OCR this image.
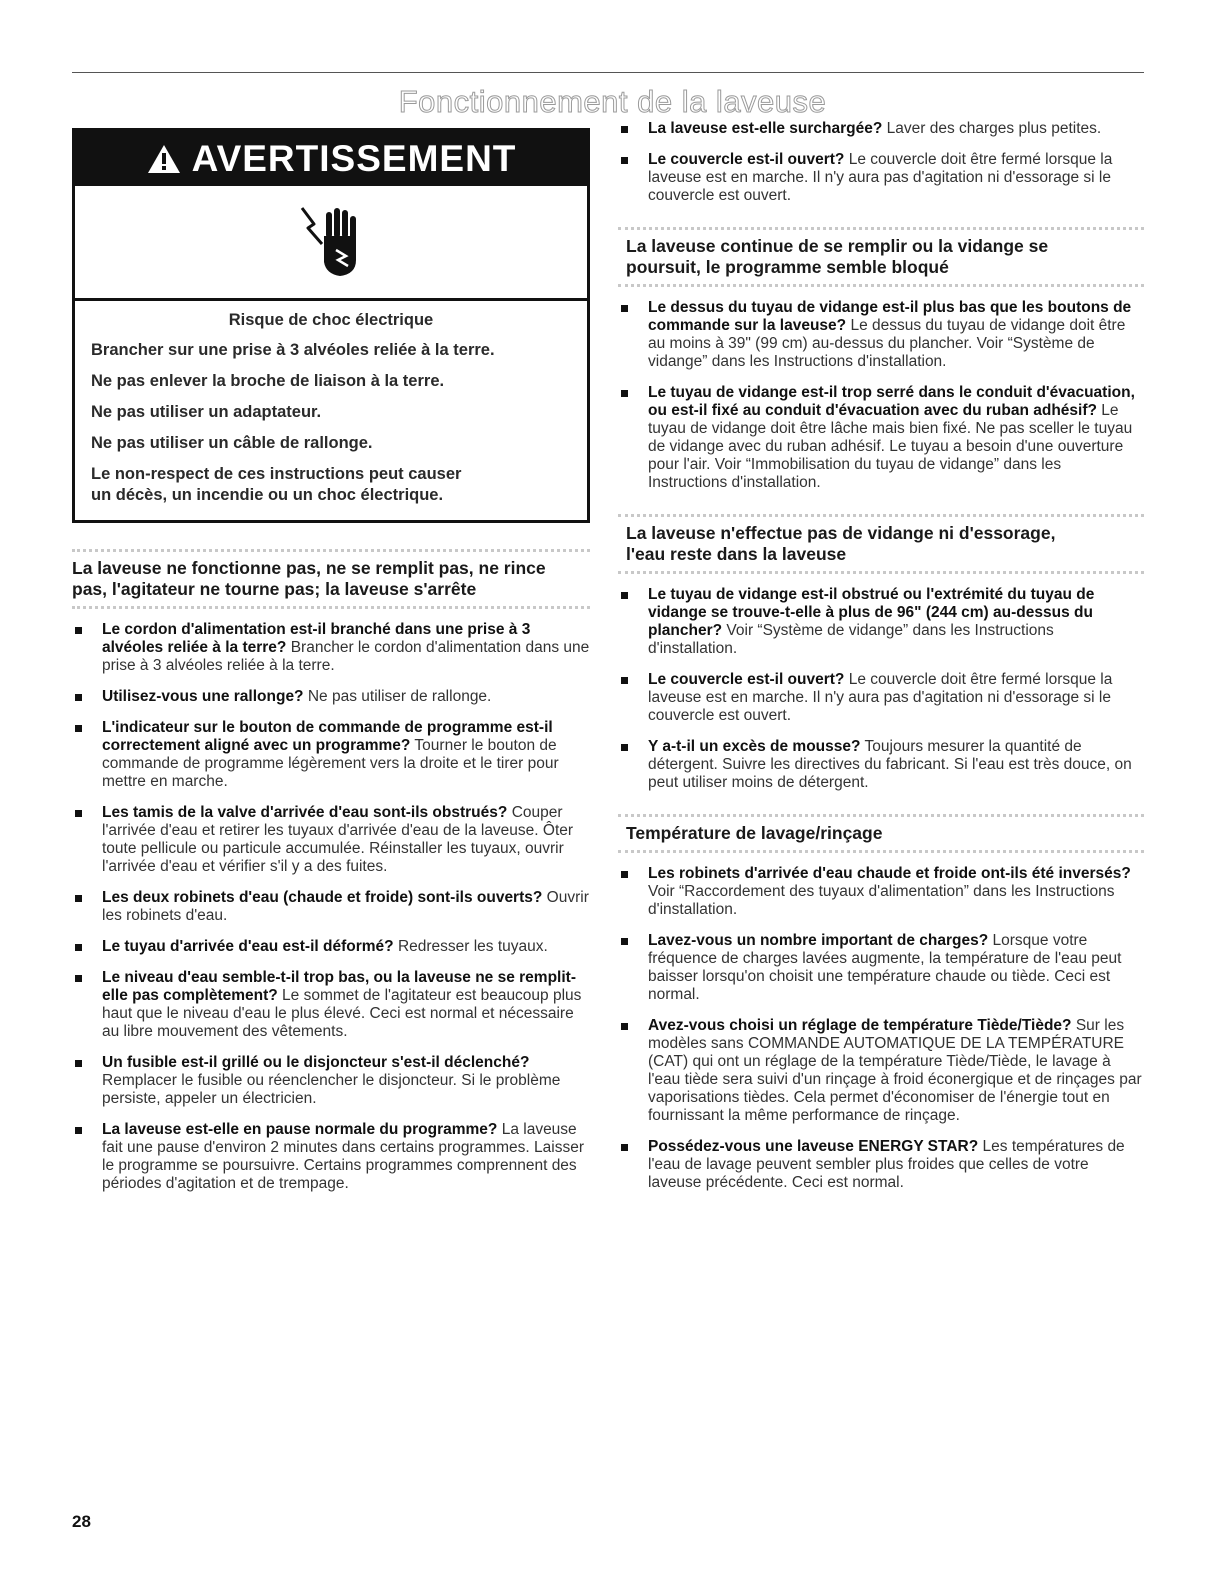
Fonctionnement de la laveuse
AVERTISSEMENT
Risque de choc électrique

Brancher sur une prise à 3 alvéoles reliée à la terre.

Ne pas enlever la broche de liaison à la terre.

Ne pas utiliser un adaptateur.

Ne pas utiliser un câble de rallonge.

Le non-respect de ces instructions peut causer
un décès, un incendie ou un choc électrique.

La laveuse ne fonctionne pas, ne se remplit pas, ne rince
pas, l'agitateur ne tourne pas; la laveuse s'arrête
Le cordon d'alimentation est-il branché dans une prise à 3 alvéoles reliée à la terre? Brancher le cordon d'alimentation dans une prise à 3 alvéoles reliée à la terre.
Utilisez-vous une rallonge? Ne pas utiliser de rallonge.
L'indicateur sur le bouton de commande de programme est-il correctement aligné avec un programme? Tourner le bouton de commande de programme légèrement vers la droite et le tirer pour mettre en marche.
Les tamis de la valve d'arrivée d'eau sont-ils obstrués? Couper l'arrivée d'eau et retirer les tuyaux d'arrivée d'eau de la laveuse. Ôter toute pellicule ou particule accumulée. Réinstaller les tuyaux, ouvrir l'arrivée d'eau et vérifier s'il y a des fuites.
Les deux robinets d'eau (chaude et froide) sont-ils ouverts? Ouvrir les robinets d'eau.
Le tuyau d'arrivée d'eau est-il déformé? Redresser les tuyaux.
Le niveau d'eau semble-t-il trop bas, ou la laveuse ne se remplit-elle pas complètement? Le sommet de l'agitateur est beaucoup plus haut que le niveau d'eau le plus élevé. Ceci est normal et nécessaire au libre mouvement des vêtements.
Un fusible est-il grillé ou le disjoncteur s'est-il déclenché? Remplacer le fusible ou réenclencher le disjoncteur. Si le problème persiste, appeler un électricien.
La laveuse est-elle en pause normale du programme? La laveuse fait une pause d'environ 2 minutes dans certains programmes. Laisser le programme se poursuivre. Certains programmes comprennent des périodes d'agitation et de trempage.
La laveuse est-elle surchargée? Laver des charges plus petites.
Le couvercle est-il ouvert? Le couvercle doit être fermé lorsque la laveuse est en marche. Il n'y aura pas d'agitation ni d'essorage si le couvercle est ouvert.
La laveuse continue de se remplir ou la vidange se
poursuit, le programme semble bloqué
Le dessus du tuyau de vidange est-il plus bas que les boutons de commande sur la laveuse? Le dessus du tuyau de vidange doit être au moins à 39" (99 cm) au-dessus du plancher. Voir “Système de vidange” dans les Instructions d'installation.
Le tuyau de vidange est-il trop serré dans le conduit d'évacuation, ou est-il fixé au conduit d'évacuation avec du ruban adhésif? Le tuyau de vidange doit être lâche mais bien fixé. Ne pas sceller le tuyau de vidange avec du ruban adhésif. Le tuyau a besoin d'une ouverture pour l'air. Voir “Immobilisation du tuyau de vidange” dans les Instructions d'installation.
La laveuse n'effectue pas de vidange ni d'essorage,
l'eau reste dans la laveuse
Le tuyau de vidange est-il obstrué ou l'extrémité du tuyau de vidange se trouve-t-elle à plus de 96" (244 cm) au-dessus du plancher? Voir “Système de vidange” dans les Instructions d'installation.
Le couvercle est-il ouvert? Le couvercle doit être fermé lorsque la laveuse est en marche. Il n'y aura pas d'agitation ni d'essorage si le couvercle est ouvert.
Y a-t-il un excès de mousse? Toujours mesurer la quantité de détergent. Suivre les directives du fabricant. Si l'eau est très douce, on peut utiliser moins de détergent.
Température de lavage/rinçage
Les robinets d'arrivée d'eau chaude et froide ont-ils été inversés? Voir “Raccordement des tuyaux d'alimentation” dans les Instructions d'installation.
Lavez-vous un nombre important de charges? Lorsque votre fréquence de charges lavées augmente, la température de l'eau peut baisser lorsqu'on choisit une température chaude ou tiède. Ceci est normal.
Avez-vous choisi un réglage de température Tiède/Tiède? Sur les modèles sans COMMANDE AUTOMATIQUE DE LA TEMPÉRATURE (CAT) qui ont un réglage de la température Tiède/Tiède, le lavage à l'eau tiède sera suivi d'un rinçage à froid éconergique et de rinçages par vaporisations tièdes. Cela permet d'économiser de l'énergie tout en fournissant la même performance de rinçage.
Possédez-vous une laveuse ENERGY STAR? Les températures de l'eau de lavage peuvent sembler plus froides que celles de votre laveuse précédente. Ceci est normal.
28
